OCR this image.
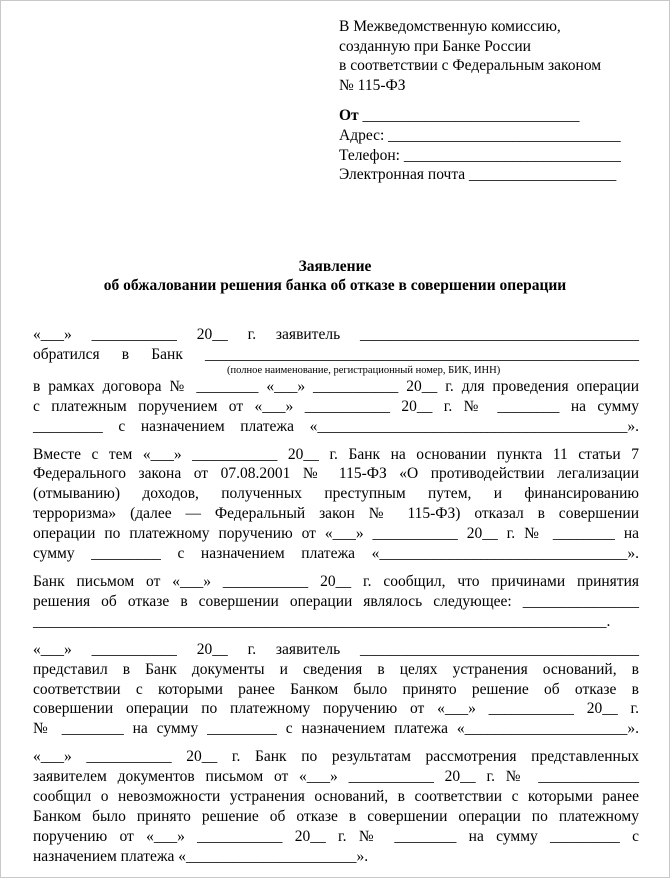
В Межведомственную комиссию,
созданную при Банке России
в соответствии с Федеральным законом
№ 115-ФЗ
От ____________________________
Адрес: ______________________________
Телефон: ____________________________
Электронная почта ___________________
Заявление
об обжаловании решения банка об отказе в совершении операции
«___» ___________ 20__ г. заявитель ____________________________________
обратился в Банк ________________________________________________________
(полное наименование, регистрационный номер, БИК, ИНН)
в рамках договора № ________ «___» ___________ 20__ г. для проведения операции
с платежным поручением от «___» ___________ 20__ г. № ________ на сумму
_________ с назначением платежа «________________________________________».
Вместе с тем «___» ___________ 20__ г. Банк на основании пункта 11 статьи 7
Федерального закона от 07.08.2001 № 115-ФЗ «О противодействии легализации
(отмыванию) доходов, полученных преступным путем, и финансированию
терроризма» (далее — Федеральный закон № 115-ФЗ) отказал в совершении
операции по платежному поручению от «___» ___________ 20__ г. № ________ на
сумму _________ с назначением платежа «________________________________».
Банк письмом от «___» ___________ 20__ г. сообщил, что причинами принятия
решения об отказе в совершении операции являлось следующее: _______________
__________________________________________________________________________.
«___» ___________ 20__ г. заявитель ____________________________________
представил в Банк документы и сведения в целях устранения оснований, в
соответствии с которыми ранее Банком было принято решение об отказе в
совершении операции по платежному поручению от «___» ___________ 20__ г.
№ ________ на сумму _________ с назначением платежа «_____________________».
«___» ___________ 20__ г. Банк по результатам рассмотрения представленных
заявителем документов письмом от «___» ___________ 20__ г. № _____________
сообщил о невозможности устранения оснований, в соответствии с которыми ранее
Банком было принято решение об отказе в совершении операции по платежному
поручению от «___» ___________ 20__ г. № ________ на сумму _________ с
назначением платежа «______________________».
